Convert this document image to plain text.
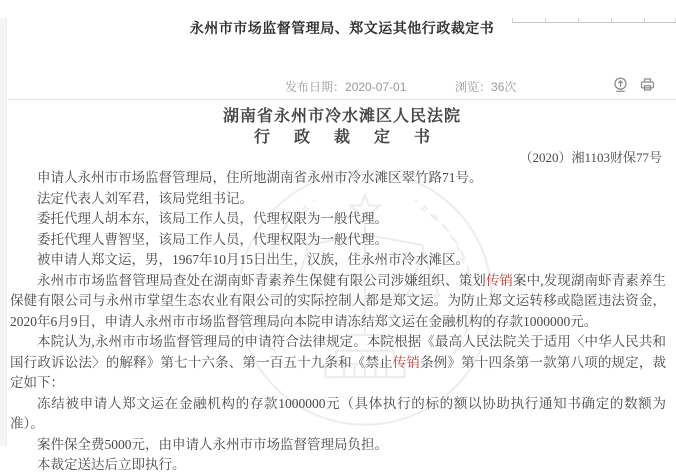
永州市市场监督管理局、郑文运其他行政裁定书
发布日期：2020-07-01	浏览：36次
湖南省永州市冷水滩区人民法院
行 政 裁 定 书
（2020）湘1103财保77号

申请人永州市市场监督管理局，住所地湖南省永州市冷水滩区翠竹路71号。

法定代表人刘军君，该局党组书记。

委托代理人胡本东，该局工作人员，代理权限为一般代理。

委托代理人曹智坚，该局工作人员，代理权限为一般代理。

被申请人郑文运，男，1967年10月15日出生，汉族，住永州市冷水滩区。

永州市市场监督管理局查处在湖南虾青素养生保健有限公司涉嫌组织、策划传销案中,发现湖南虾青素养生保健有限公司与永州市掌望生态农业有限公司的实际控制人都是郑文运。为防止郑文运转移或隐匿违法资金，2020年6月9日，申请人永州市市场监督管理局向本院申请冻结郑文运在金融机构的存款1000000元。

本院认为,永州市市场监督管理局的申请符合法律规定。本院根据《最高人民法院关于适用〈中华人民共和国行政诉讼法〉的解释》第七十六条、第一百五十九条和《禁止传销条例》第十四条第一款第八项的规定，裁定如下：

冻结被申请人郑文运在金融机构的存款1000000元（具体执行的标的额以协助执行通知书确定的数额为准）。

案件保全费5000元，由申请人永州市市场监督管理局负担。

本裁定送达后立即执行。
